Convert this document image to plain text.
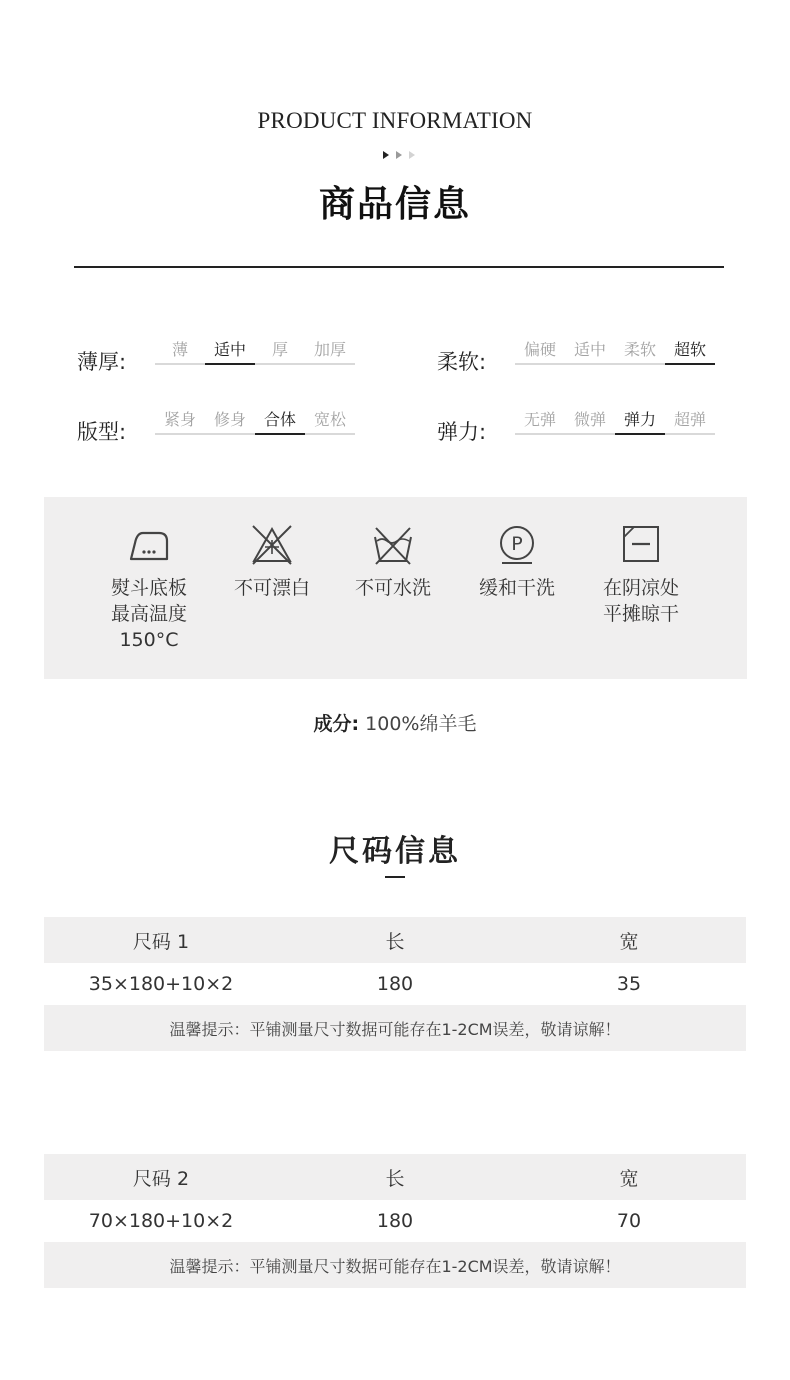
PRODUCT INFORMATION
商品信息
薄厚:
薄	适中	厚	加厚
柔软:
偏硬	适中	柔软	超软
版型:
紧身	修身	合体	宽松
弹力:
无弹	微弹	弹力	超弹
熨斗底板
最高温度
150°C
不可漂白	不可水洗
P
缓和干洗	在阴凉处
平摊晾干
成分: 100%绵羊毛
尺码信息
尺码 1	长	宽
35×180+10×2	180	35
温馨提示：平铺测量尺寸数据可能存在1-2CM误差，敬请谅解！
尺码 2	长	宽
70×180+10×2	180	70
温馨提示：平铺测量尺寸数据可能存在1-2CM误差，敬请谅解！
